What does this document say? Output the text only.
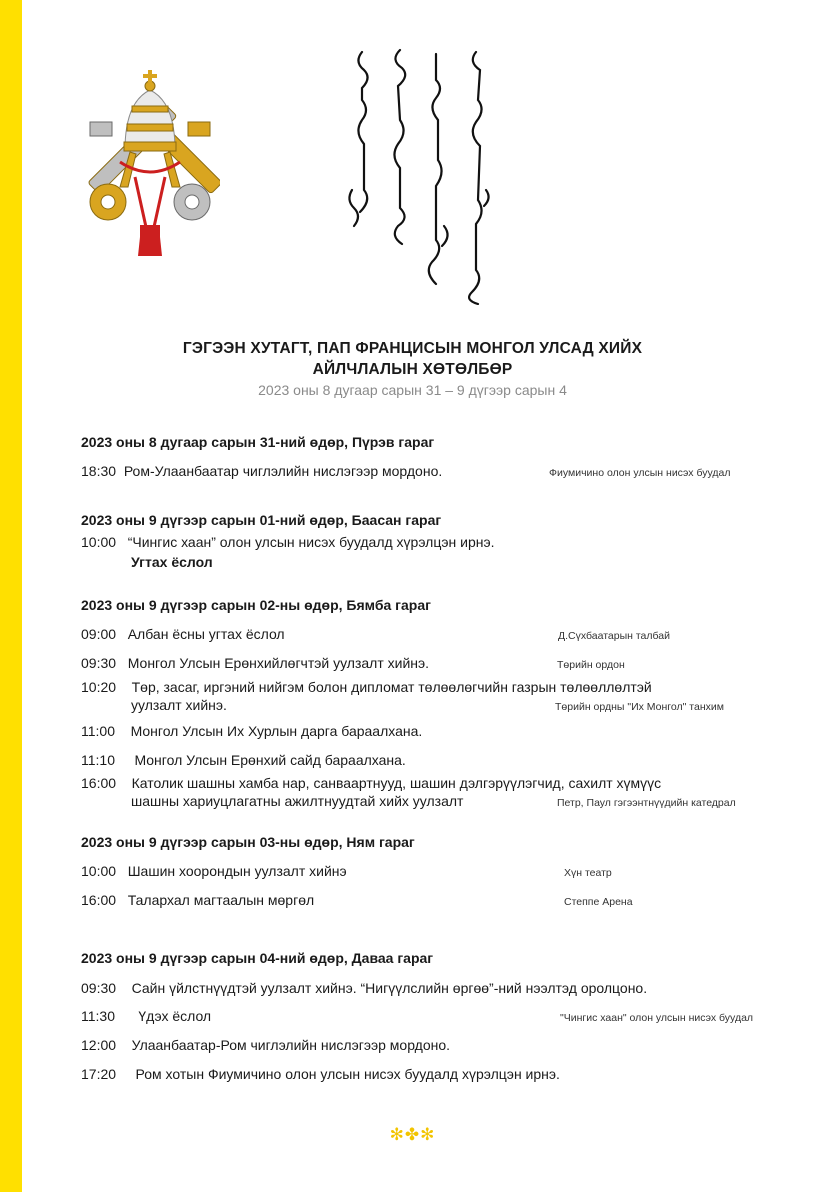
ГЭГЭЭН ХУТАГТ, ПАП ФРАНЦИСЫН МОНГОЛ УЛСАД ХИЙХ
АЙЛЧЛАЛЫН ХӨТӨЛБӨР
2023 оны 8 дугаар сарын 31 – 9 дүгээр сарын 4
2023 оны 8 дугаар сарын 31-ний өдөр, Пүрэв гараг
18:30 Ром-Улаанбаатар чиглэлийн нислэгээр мордоно.	Фиумичино олон улсын нисэх буудал
2023 оны 9 дүгээр сарын 01-ний өдөр, Баасан гараг
10:00 “Чингис хаан” олон улсын нисэх буудалд хүрэлцэн ирнэ.
Угтах ёслол
2023 оны 9 дүгээр сарын 02-ны өдөр, Бямба гараг
09:00 Албан ёсны угтах ёслол	Д.Сүхбаатарын талбай
09:30 Монгол Улсын Ерөнхийлөгчтэй уулзалт хийнэ.	Төрийн ордон
10:20 Төр, засаг, иргэний нийгэм болон дипломат төлөөлөгчийн газрын төлөөллөлтэй
уулзалт хийнэ.	Төрийн ордны "Их Монгол" танхим
11:00 Монгол Улсын Их Хурлын дарга бараалхана.
11:10 Монгол Улсын Ерөнхий сайд бараалхана.
16:00 Католик шашны хамба нар, санваартнууд, шашин дэлгэрүүлэгчид, сахилт хүмүүс
шашны хариуцлагатны ажилтнуудтай хийх уулзалт	Петр, Паул гэгээнтнүүдийн катедрал
2023 оны 9 дүгээр сарын 03-ны өдөр, Ням гараг
10:00 Шашин хоорондын уулзалт хийнэ	Хүн театр
16:00 Талархал магтаалын мөргөл	Степпе Арена
2023 оны 9 дүгээр сарын 04-ний өдөр, Даваа гараг
09:30 Сайн үйлстнүүдтэй уулзалт хийнэ. “Нигүүлслийн өргөө”-ний нээлтэд оролцоно.
11:30 Үдэх ёслол	"Чингис хаан" олон улсын нисэх буудал
12:00 Улаанбаатар-Ром чиглэлийн нислэгээр мордоно.
17:20 Ром хотын Фиумичино олон улсын нисэх буудалд хүрэлцэн ирнэ.
✻✤✻
